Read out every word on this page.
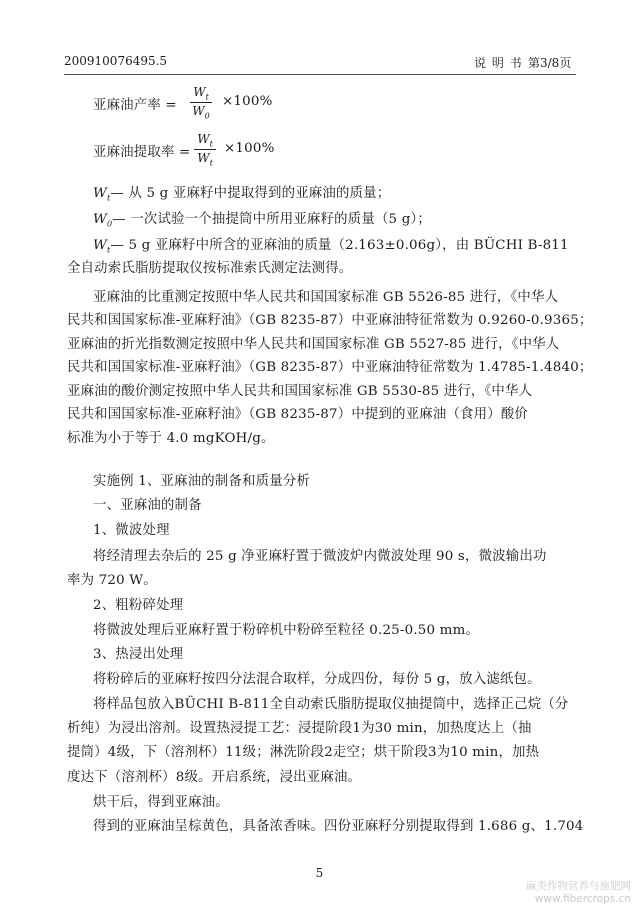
200910076495.5	说 明 书 第3/8页
亚麻油产率 =
$W_t$
$W_0$
×100%
亚麻油提取率 =
$W_t$
$W_t$
×100%
$W_t—$ 从 5 g 亚麻籽中提取得到的亚麻油的质量；
$W_0—$ 一次试验一个抽提筒中所用亚麻籽的质量（5 g）；
$W_t—$ 5 g 亚麻籽中所含的亚麻油的质量（2.163±0.06g），由 BÜCHI B-811
全自动索氏脂肪提取仪按标准索氏测定法测得。
亚麻油的比重测定按照中华人民共和国国家标准 GB 5526-85 进行，《中华人
民共和国国家标准-亚麻籽油》（GB 8235-87）中亚麻油特征常数为 0.9260-0.9365；
亚麻油的折光指数测定按照中华人民共和国国家标准 GB 5527-85 进行，《中华人
民共和国国家标准-亚麻籽油》（GB 8235-87）中亚麻油特征常数为 1.4785-1.4840；
亚麻油的酸价测定按照中华人民共和国国家标准 GB 5530-85 进行，《中华人
民共和国国家标准-亚麻籽油》（GB 8235-87）中提到的亚麻油（食用）酸价
标准为小于等于 4.0 mgKOH/g。
实施例 1、亚麻油的制备和质量分析
一、亚麻油的制备
1、微波处理
将经清理去杂后的 25 g 净亚麻籽置于微波炉内微波处理 90 s，微波输出功
率为 720 W。
2、粗粉碎处理
将微波处理后亚麻籽置于粉碎机中粉碎至粒径 0.25-0.50 mm。
3、热浸出处理
将粉碎后的亚麻籽按四分法混合取样，分成四份，每份 5 g，放入滤纸包。
将样品包放入BÜCHI B-811全自动索氏脂肪提取仪抽提筒中，选择正己烷（分
析纯）为浸出溶剂。设置热浸提工艺：浸提阶段1为30 min，加热度达上（抽
提筒）4级，下（溶剂杯）11级；淋洗阶段2走空；烘干阶段3为10 min，加热
度达下（溶剂杯）8级。开启系统，浸出亚麻油。
烘干后，得到亚麻油。
得到的亚麻油呈棕黄色，具备浓香味。四份亚麻籽分别提取得到 1.686 g、1.704
5
麻类作物营养与施肥网
www.fibercrops.cn
